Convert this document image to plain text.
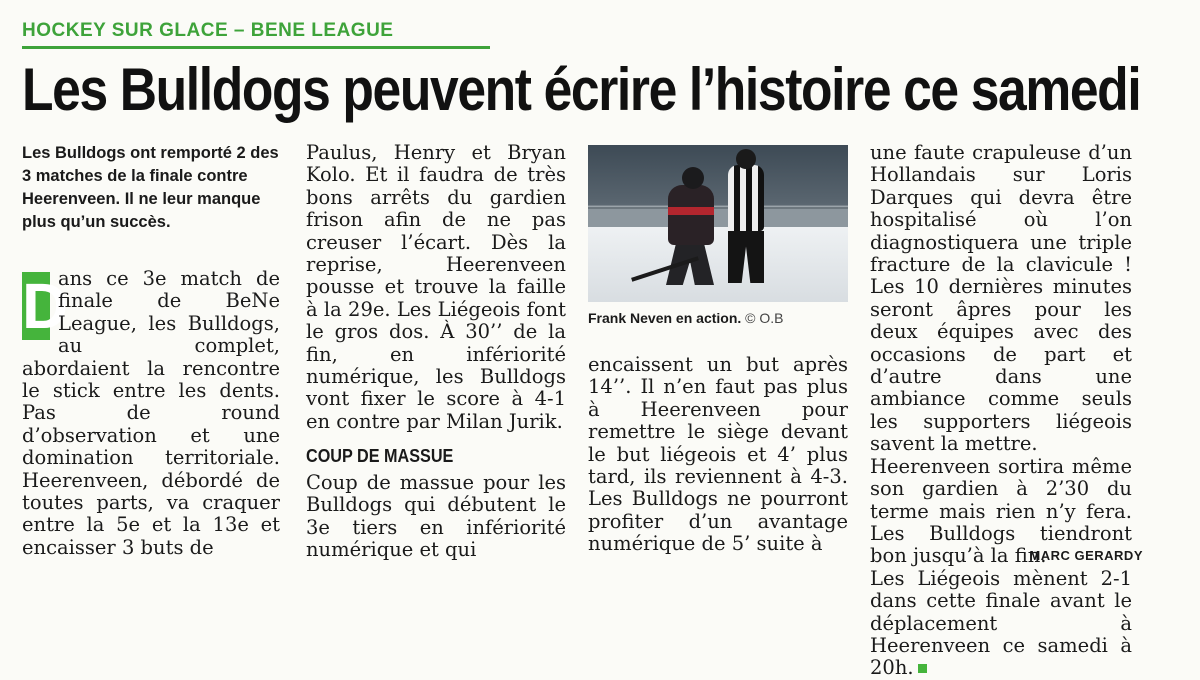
HOCKEY SUR GLACE – BENE LEAGUE
Les Bulldogs peuvent écrire l’histoire ce samedi

Les Bulldogs ont remporté 2 des 3 matches de la finale contre Heerenveen. Il ne leur manque plus qu’un succès.

D
ans ce 3e match de finale de BeNe League, les Bulldogs, au complet, abordaient la rencontre le stick entre les dents. Pas de round d’observation et une domination territoriale. Heerenveen, débordé de toutes parts, va craquer entre la 5e et la 13e et encaisser 3 buts de

Paulus, Henry et Bryan Kolo. Et il faudra de très bons arrêts du gardien frison afin de ne pas creuser l’écart. Dès la reprise, Heerenveen pousse et trouve la faille à la 29e. Les Liégeois font le gros dos. À 30’’ de la fin, en infériorité numérique, les Bulldogs vont fixer le score à 4-1 en contre par Milan Jurik.

COUP DE MASSUE

Coup de massue pour les Bulldogs qui débutent le 3e tiers en infériorité numérique et qui

Frank Neven en action. © O.B
une faute crapuleuse d’un Hollandais sur Loris Darques qui devra être hospitalisé où l’on diagnostiquera une triple fracture de la clavicule ! Les 10 dernières minutes seront âpres pour les deux équipes avec des occasions de part et d’autre dans une ambiance comme seuls les supporters liégeois savent la mettre.
Heerenveen sortira même son gardien à 2’30 du terme mais rien n’y fera. Les Bulldogs tiendront bon jusqu’à la fin.
Les Liégeois mènent 2-1 dans cette finale avant le déplacement à Heerenveen ce samedi à 20h.
MARC GERARDY

encaissent un but après 14’’. Il n’en faut pas plus à Heerenveen pour remettre le siège devant le but liégeois et 4’ plus tard, ils reviennent à 4-3. Les Bulldogs ne pourront profiter d’un avantage numérique de 5’ suite à
